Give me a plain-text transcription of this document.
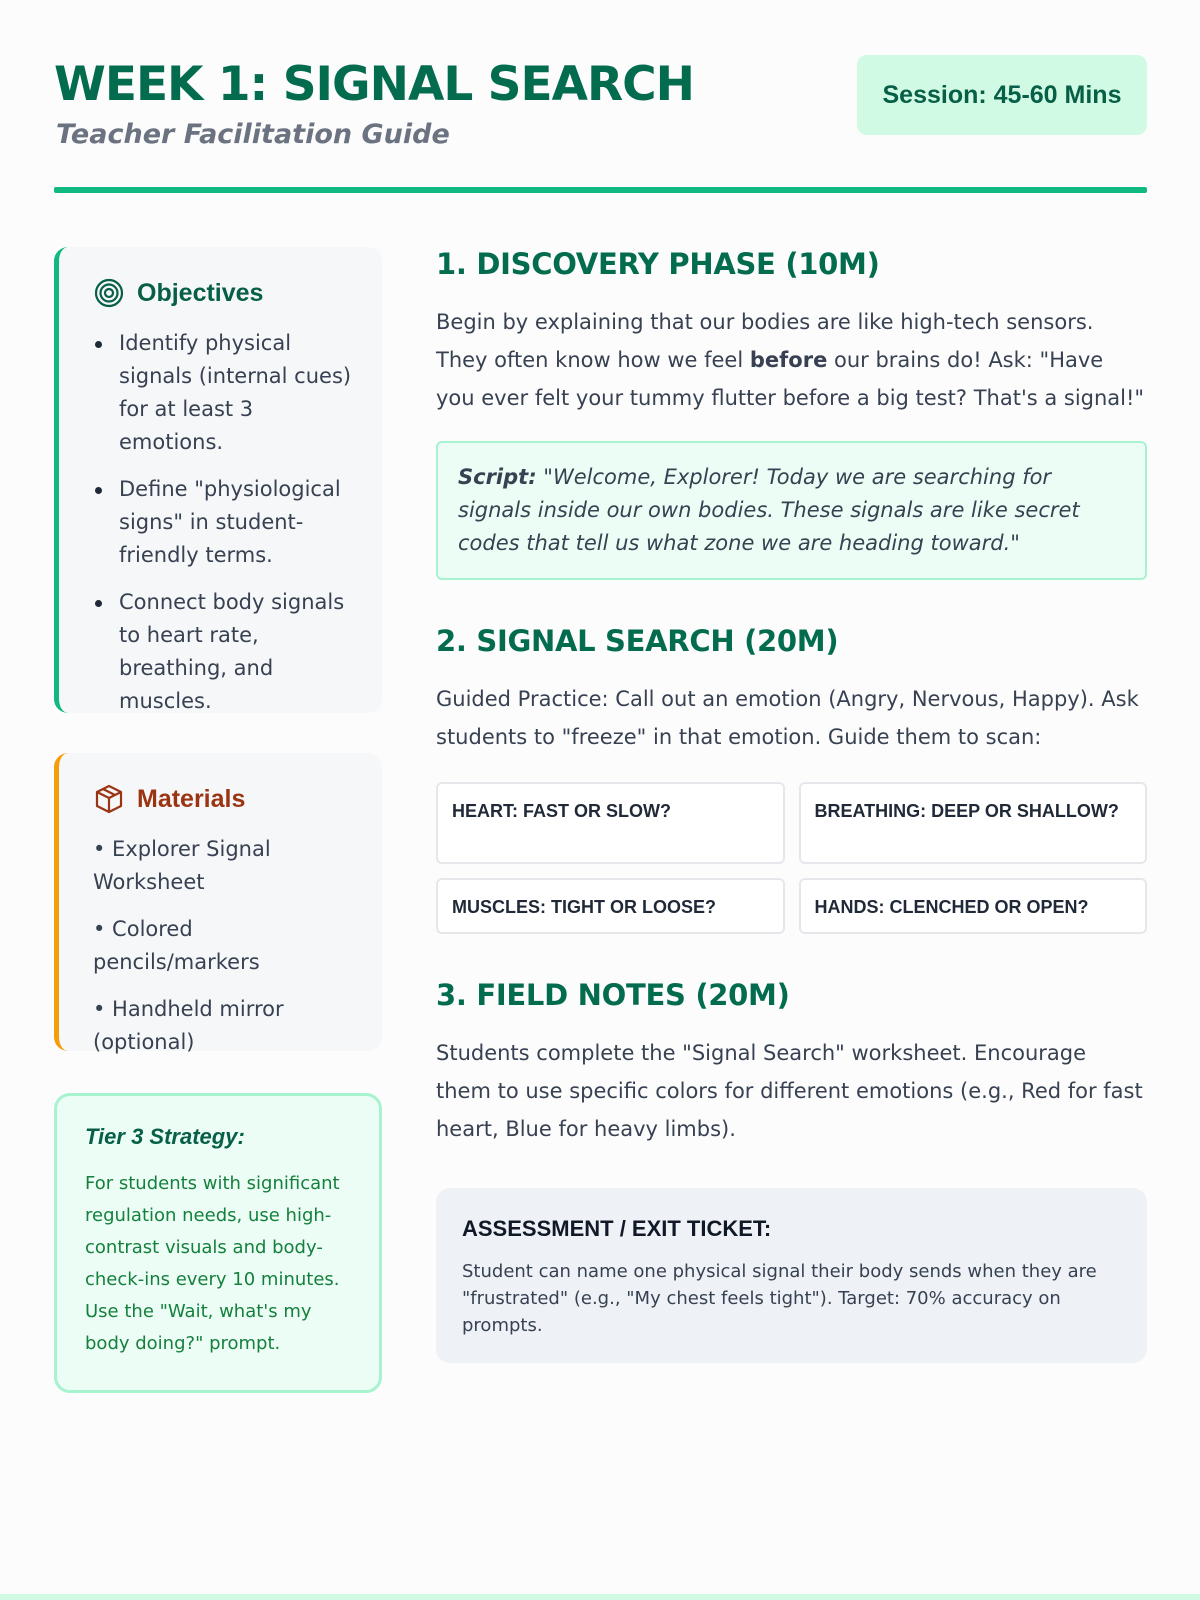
WEEK 1: SIGNAL SEARCH
Teacher Facilitation Guide
Session: 45-60 Mins
Objectives
Identify physical signals (internal cues) for at least 3 emotions.
Define "physiological signs" in student-friendly terms.
Connect body signals to heart rate, breathing, and muscles.
Materials
• Explorer Signal Worksheet
• Colored pencils/markers
• Handheld mirror (optional)
Tier 3 Strategy:
For students with significant regulation needs, use high-contrast visuals and body-check-ins every 10 minutes. Use the "Wait, what's my body doing?" prompt.
1. DISCOVERY PHASE (10M)

Begin by explaining that our bodies are like high-tech sensors. They often know how we feel before our brains do! Ask: "Have you ever felt your tummy flutter before a big test? That's a signal!"

Script: "Welcome, Explorer! Today we are searching for signals inside our own bodies. These signals are like secret codes that tell us what zone we are heading toward."
2. SIGNAL SEARCH (20M)

Guided Practice: Call out an emotion (Angry, Nervous, Happy). Ask students to "freeze" in that emotion. Guide them to scan:

HEART: FAST OR SLOW?	BREATHING: DEEP OR SHALLOW?
MUSCLES: TIGHT OR LOOSE?	HANDS: CLENCHED OR OPEN?
3. FIELD NOTES (20M)

Students complete the "Signal Search" worksheet. Encourage them to use specific colors for different emotions (e.g., Red for fast heart, Blue for heavy limbs).

ASSESSMENT / EXIT TICKET:
Student can name one physical signal their body sends when they are "frustrated" (e.g., "My chest feels tight"). Target: 70% accuracy on prompts.
